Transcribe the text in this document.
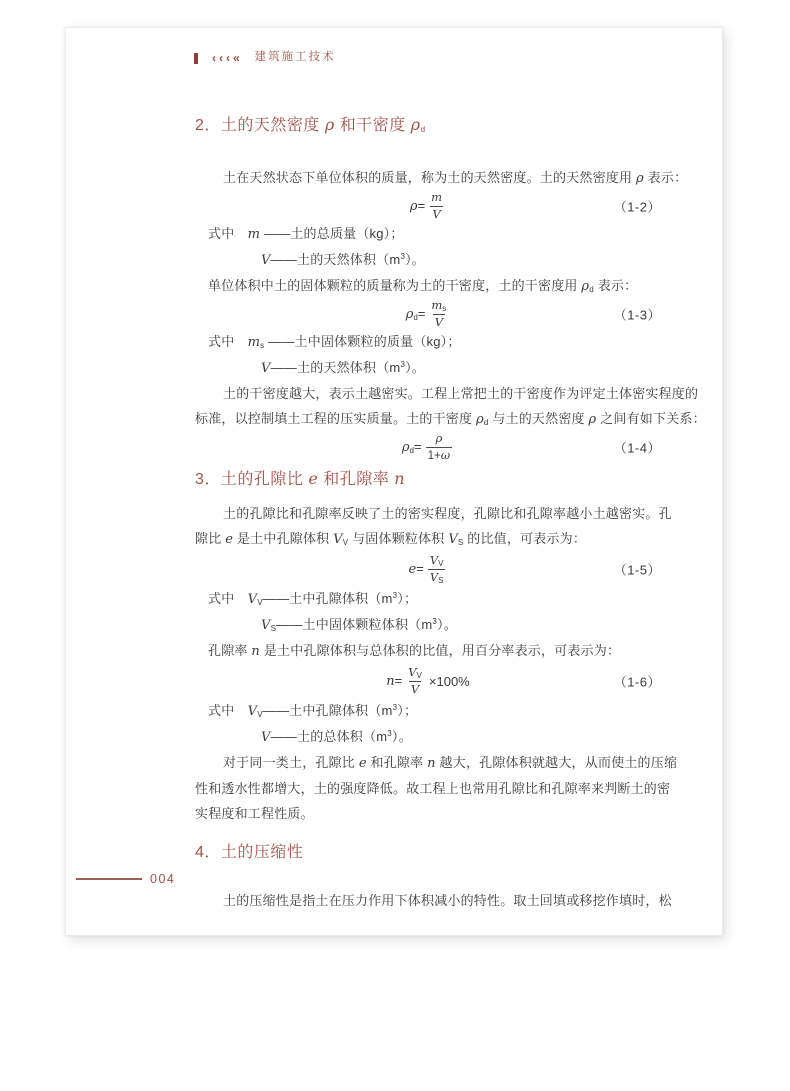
‹‹‹« 建筑施工技术
2．土的天然密度 ρ 和干密度 $\rho_d$
土在天然状态下单位体积的质量，称为土的天然密度。土的天然密度用 ρ 表示：
$\rho= \frac{m}{V}$	（1-2）
式中　m ——土的总质量（kg）；
V——土的天然体积$(m^3)$。
单位体积中土的固体颗粒的质量称为土的干密度，土的干密度用 $\rho_d$ 表示：
$\rho_d= \frac{m_s}{V}$	（1-3）
式中　$m_s$ ——土中固体颗粒的质量（kg）；
V——土的天然体积$(m^3)$。
土的干密度越大，表示土越密实。工程上常把土的干密度作为评定土体密实程度的
标准，以控制填土工程的压实质量。土的干密度 $\rho_d$ 与土的天然密度 ρ 之间有如下关系：
$\rho_d= \frac{\rho}{1+\omega}$	（1-4）
3．土的孔隙比 e 和孔隙率 n
土的孔隙比和孔隙率反映了土的密实程度，孔隙比和孔隙率越小土越密实。孔
隙比 e 是土中孔隙体积 $V_V$ 与固体颗粒体积 $V_S$ 的比值，可表示为：
$e= \frac{V_V}{V_S}$	（1-5）
式中　$V_V——$土中孔隙体积$(m^3)$；
$V_S——$土中固体颗粒体积$(m^3)$。
孔隙率 n 是土中孔隙体积与总体积的比值，用百分率表示，可表示为：
$n= \frac{V_V}{V} \times 100\%$	（1-6）
式中　$V_V——$土中孔隙体积$(m^3)$；
V——土的总体积$(m^3)$。
对于同一类土，孔隙比 e 和孔隙率 n 越大，孔隙体积就越大，从而使土的压缩
性和透水性都增大，土的强度降低。故工程上也常用孔隙比和孔隙率来判断土的密
实程度和工程性质。
4．土的压缩性
土的压缩性是指土在压力作用下体积减小的特性。取土回填或移挖作填时，松
004
